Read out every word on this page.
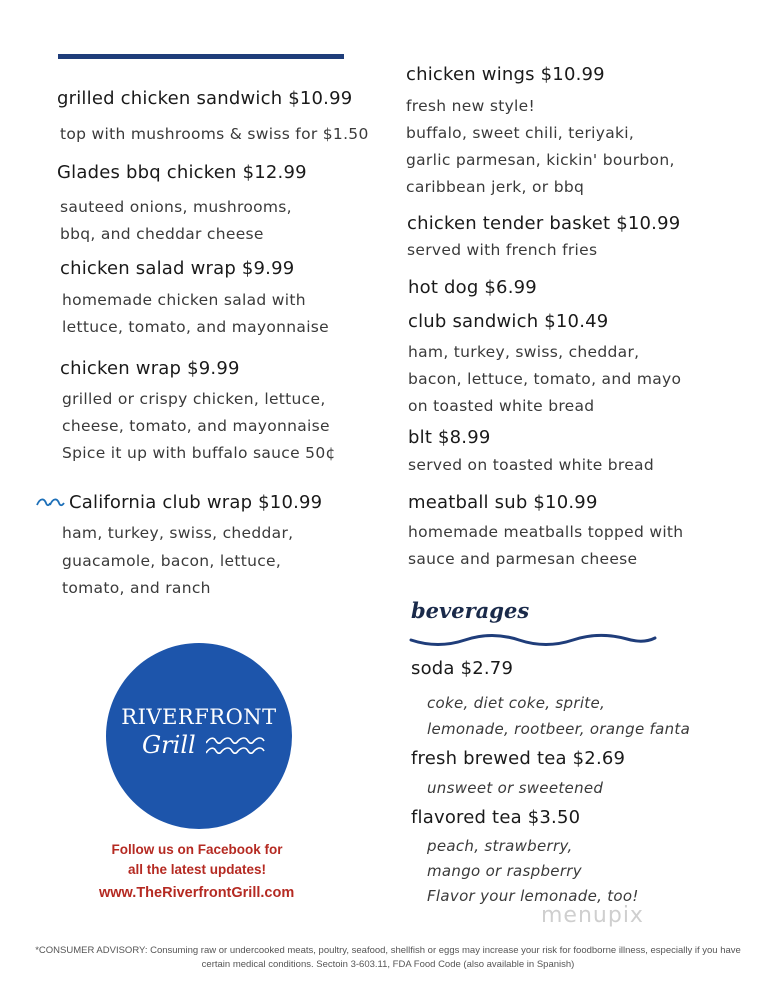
grilled chicken sandwich $10.99
top with mushrooms & swiss for $1.50
Glades bbq chicken $12.99
sauteed onions, mushrooms,
bbq, and cheddar cheese
chicken salad wrap $9.99
homemade chicken salad with
lettuce, tomato, and mayonnaise
chicken wrap $9.99
grilled or crispy chicken, lettuce,
cheese, tomato, and mayonnaise
Spice it up with buffalo sauce 50¢
California club wrap $10.99
ham, turkey, swiss, cheddar,
guacamole, bacon, lettuce,
tomato, and ranch
RIVERFRONT
Grill
Follow us on Facebook for
all the latest updates!
www.TheRiverfrontGrill.com
chicken wings $10.99
fresh new style!
buffalo, sweet chili, teriyaki,
garlic parmesan, kickin' bourbon,
caribbean jerk, or bbq
chicken tender basket $10.99
served with french fries
hot dog $6.99
club sandwich $10.49
ham, turkey, swiss, cheddar,
bacon, lettuce, tomato, and mayo
on toasted white bread
blt $8.99
served on toasted white bread
meatball sub $10.99
homemade meatballs topped with
sauce and parmesan cheese
beverages
soda $2.79
coke, diet coke, sprite,
lemonade, rootbeer, orange fanta
fresh brewed tea $2.69
unsweet or sweetened
flavored tea $3.50
peach, strawberry,
mango or raspberry
Flavor your lemonade, too!
menupix
*CONSUMER ADVISORY: Consuming raw or undercooked meats, poultry, seafood, shellfish or eggs may increase your risk for foodborne illness, especially if you have certain medical conditions. Sectoin 3-603.11, FDA Food Code (also available in Spanish)
